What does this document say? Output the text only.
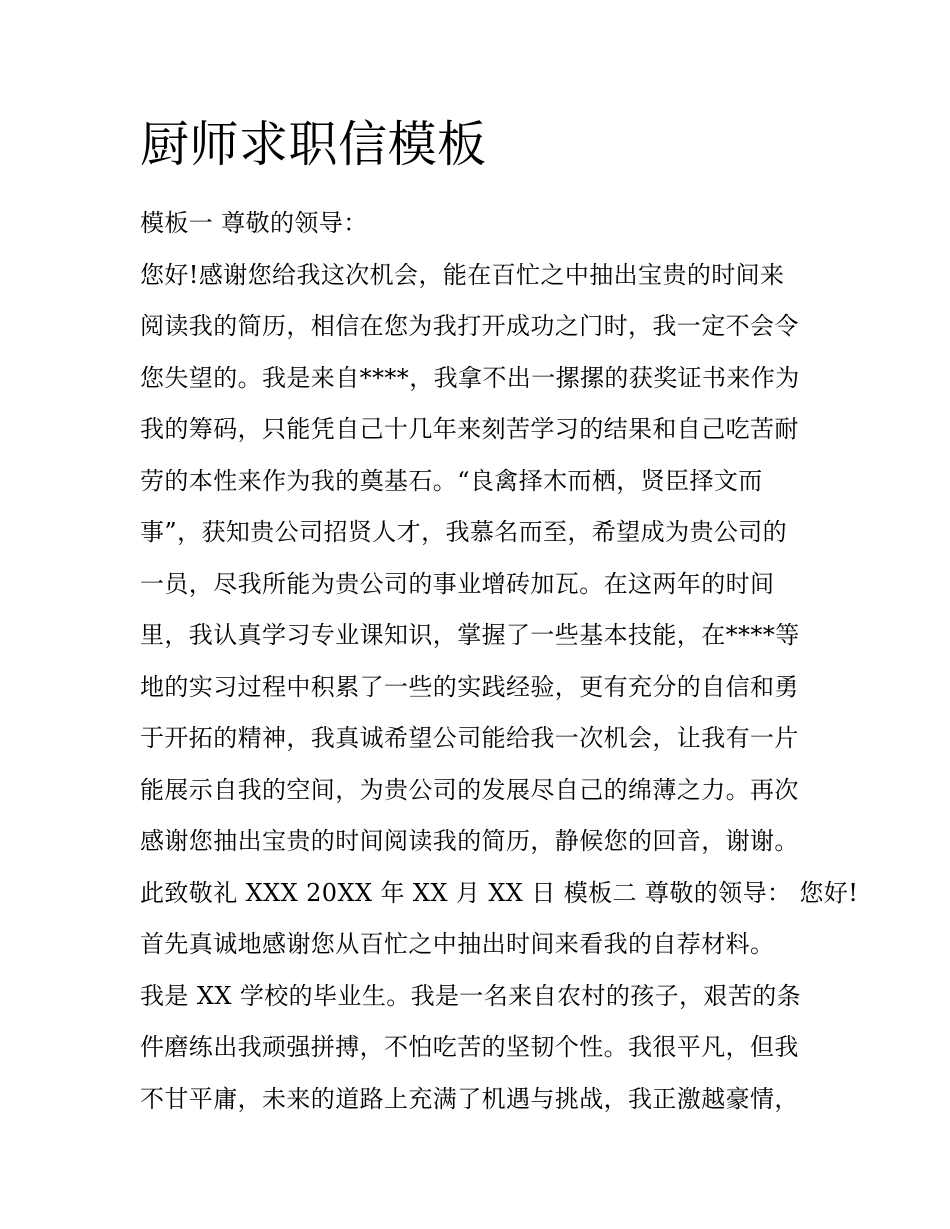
厨师求职信模板
模板一 尊敬的领导：
您好!感谢您给我这次机会，能在百忙之中抽出宝贵的时间来
阅读我的简历，相信在您为我打开成功之门时，我一定不会令
您失望的。我是来自****，我拿不出一摞摞的获奖证书来作为
我的筹码，只能凭自己十几年来刻苦学习的结果和自己吃苦耐
劳的本性来作为我的奠基石。“良禽择木而栖，贤臣择文而
事”，获知贵公司招贤人才，我慕名而至，希望成为贵公司的
一员，尽我所能为贵公司的事业增砖加瓦。在这两年的时间
里，我认真学习专业课知识，掌握了一些基本技能，在****等
地的实习过程中积累了一些的实践经验，更有充分的自信和勇
于开拓的精神，我真诚希望公司能给我一次机会，让我有一片
能展示自我的空间，为贵公司的发展尽自己的绵薄之力。再次
感谢您抽出宝贵的时间阅读我的简历，静候您的回音，谢谢。
此致敬礼 XXX 20XX 年 XX 月 XX 日 模板二 尊敬的领导： 您好!
首先真诚地感谢您从百忙之中抽出时间来看我的自荐材料。
我是 XX 学校的毕业生。我是一名来自农村的孩子，艰苦的条
件磨练出我顽强拼搏，不怕吃苦的坚韧个性。我很平凡，但我
不甘平庸，未来的道路上充满了机遇与挑战，我正激越豪情，
